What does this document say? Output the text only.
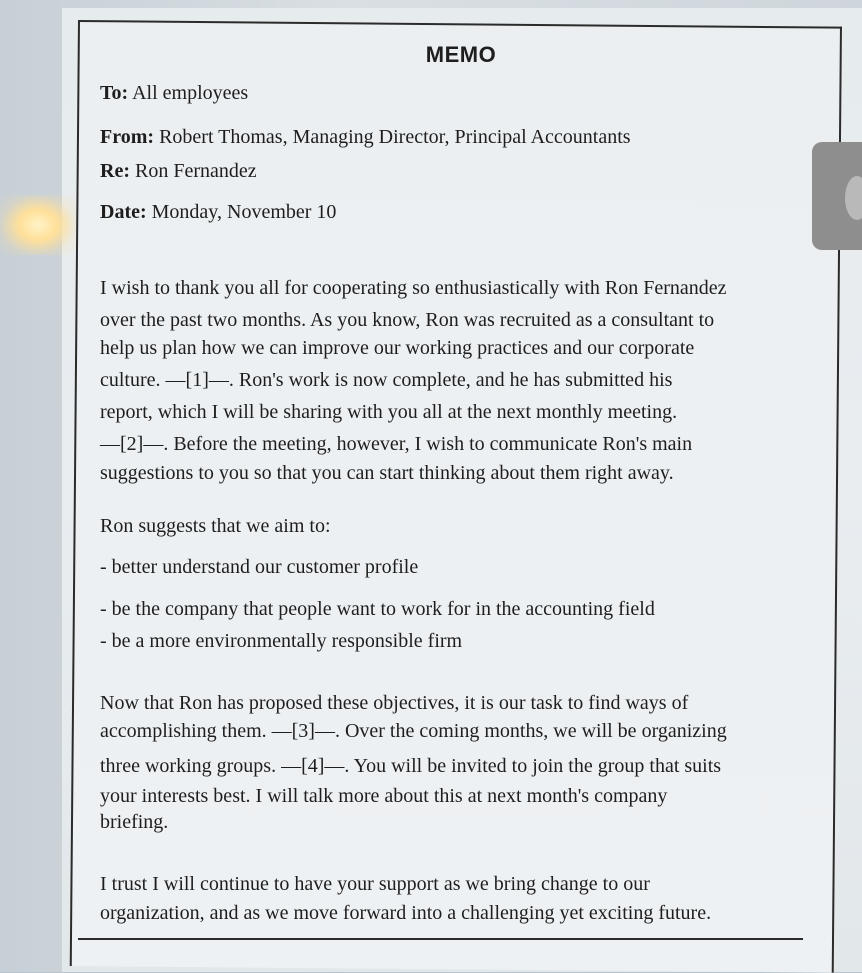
MEMO
To: All employees
From: Robert Thomas, Managing Director, Principal Accountants
Re: Ron Fernandez
Date: Monday, November 10
I wish to thank you all for cooperating so enthusiastically with Ron Fernandez
over the past two months. As you know, Ron was recruited as a consultant to
help us plan how we can improve our working practices and our corporate
culture. —[1]—. Ron's work is now complete, and he has submitted his
report, which I will be sharing with you all at the next monthly meeting.
—[2]—. Before the meeting, however, I wish to communicate Ron's main
suggestions to you so that you can start thinking about them right away.
Ron suggests that we aim to:
- better understand our customer profile
- be the company that people want to work for in the accounting field
- be a more environmentally responsible firm
Now that Ron has proposed these objectives, it is our task to find ways of
accomplishing them. —[3]—. Over the coming months, we will be organizing
three working groups. —[4]—. You will be invited to join the group that suits
your interests best. I will talk more about this at next month's company
briefing.
I trust I will continue to have your support as we bring change to our
organization, and as we move forward into a challenging yet exciting future.
